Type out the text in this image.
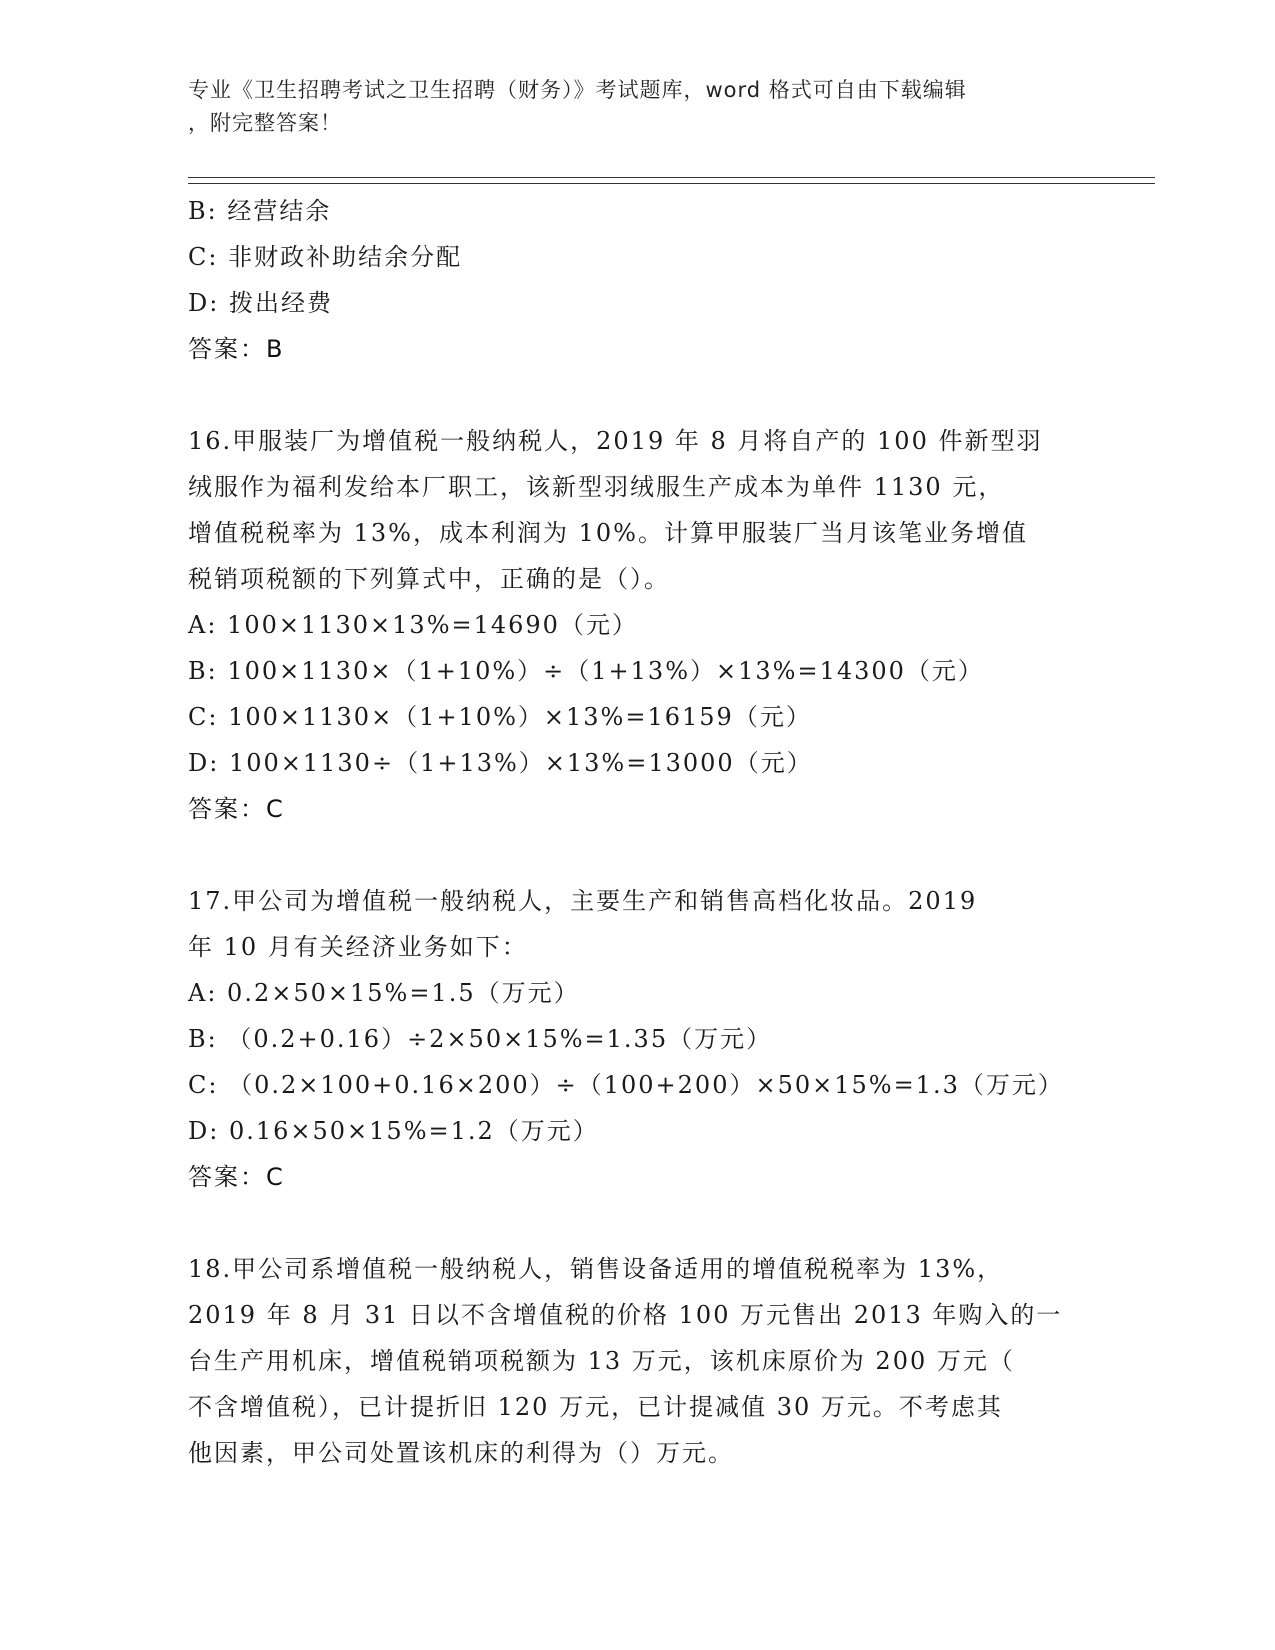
专业《卫生招聘考试之卫生招聘（财务）》考试题库，word 格式可自由下载编辑
，附完整答案！
B: 经营结余
C: 非财政补助结余分配
D: 拨出经费
答案：B
16.甲服装厂为增值税一般纳税人，2019 年 8 月将自产的 100 件新型羽
绒服作为福利发给本厂职工，该新型羽绒服生产成本为单件 1130 元，
增值税税率为 13%，成本利润为 10%。计算甲服装厂当月该笔业务增值
税销项税额的下列算式中，正确的是（）。
A: 100×1130×13%=14690（元）
B: 100×1130×（1+10%）÷（1+13%）×13%=14300（元）
C: 100×1130×（1+10%）×13%=16159（元）
D: 100×1130÷（1+13%）×13%=13000（元）
答案：C
17.甲公司为增值税一般纳税人，主要生产和销售高档化妆品。2019
年 10 月有关经济业务如下：
A: 0.2×50×15%=1.5（万元）
B: （0.2+0.16）÷2×50×15%=1.35（万元）
C: （0.2×100+0.16×200）÷（100+200）×50×15%=1.3（万元）
D: 0.16×50×15%=1.2（万元）
答案：C
18.甲公司系增值税一般纳税人，销售设备适用的增值税税率为 13%，
2019 年 8 月 31 日以不含增值税的价格 100 万元售出 2013 年购入的一
台生产用机床，增值税销项税额为 13 万元，该机床原价为 200 万元（
不含增值税），已计提折旧 120 万元，已计提减值 30 万元。不考虑其
他因素，甲公司处置该机床的利得为（）万元。
